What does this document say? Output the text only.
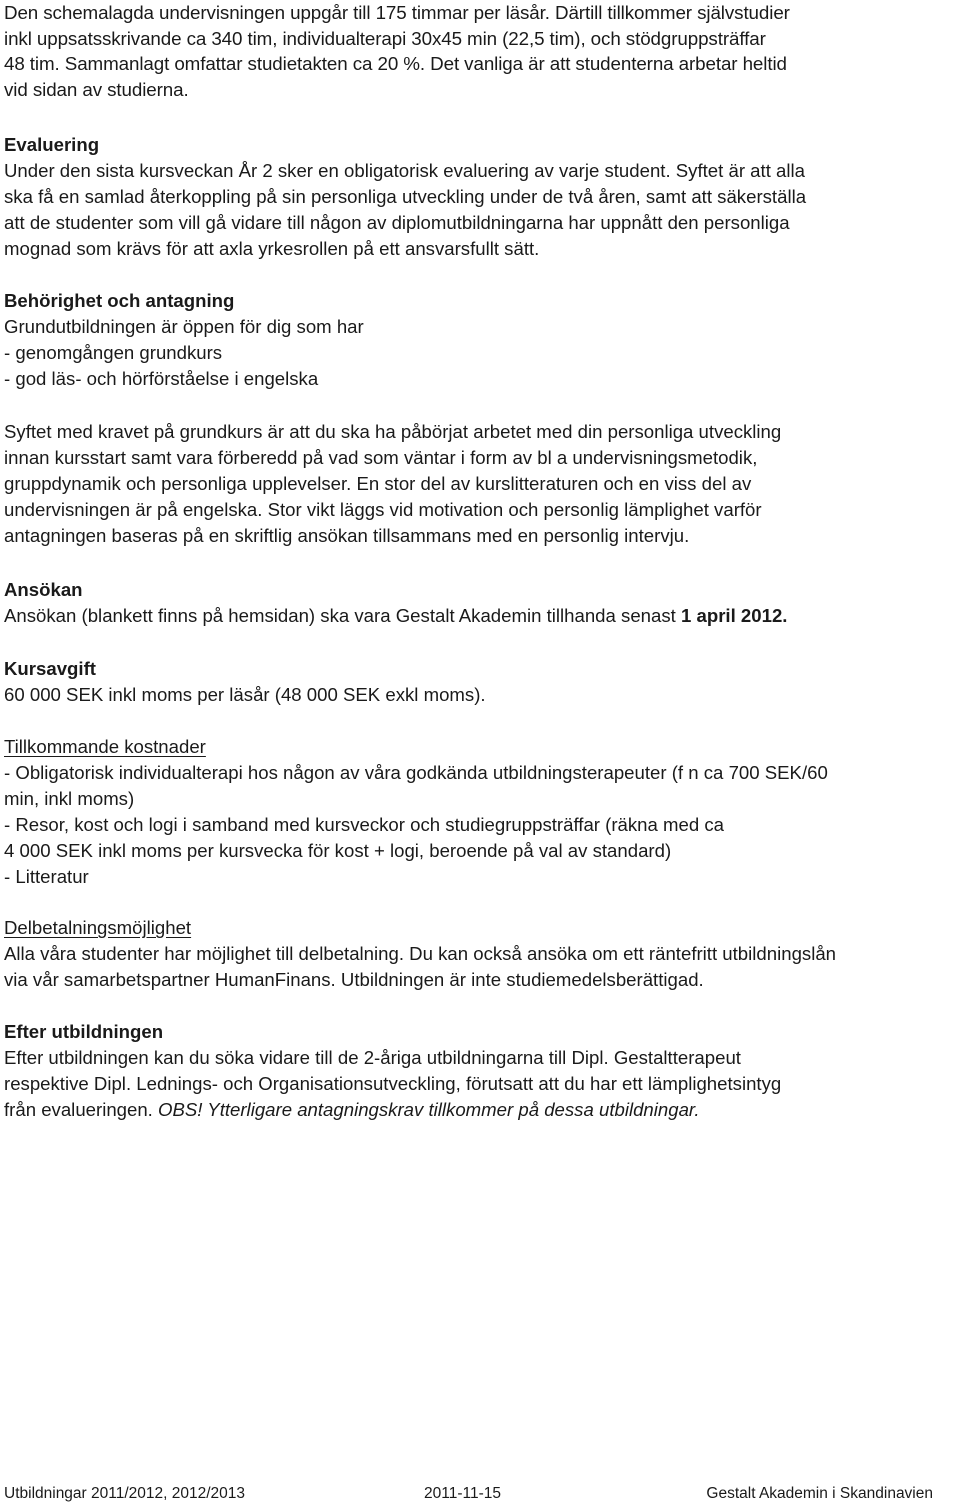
Den schemalagda undervisningen uppgår till 175 timmar per läsår. Därtill tillkommer självstudier
inkl uppsatsskrivande ca 340 tim, individualterapi 30x45 min (22,5 tim), och stödgruppsträffar
48 tim. Sammanlagt omfattar studietakten ca 20 %. Det vanliga är att studenterna arbetar heltid
vid sidan av studierna.
Evaluering
Under den sista kursveckan År 2 sker en obligatorisk evaluering av varje student. Syftet är att alla
ska få en samlad återkoppling på sin personliga utveckling under de två åren, samt att säkerställa
att de studenter som vill gå vidare till någon av diplomutbildningarna har uppnått den personliga
mognad som krävs för att axla yrkesrollen på ett ansvarsfullt sätt.
Behörighet och antagning
Grundutbildningen är öppen för dig som har
- genomgången grundkurs
- god läs- och hörförståelse i engelska
Syftet med kravet på grundkurs är att du ska ha påbörjat arbetet med din personliga utveckling
innan kursstart samt vara förberedd på vad som väntar i form av bl a undervisningsmetodik,
gruppdynamik och personliga upplevelser. En stor del av kurslitteraturen och en viss del av
undervisningen är på engelska. Stor vikt läggs vid motivation och personlig lämplighet varför
antagningen baseras på en skriftlig ansökan tillsammans med en personlig intervju.
Ansökan
Ansökan (blankett finns på hemsidan) ska vara Gestalt Akademin tillhanda senast 1 april 2012.
Kursavgift
60 000 SEK inkl moms per läsår (48 000 SEK exkl moms).
Tillkommande kostnader
- Obligatorisk individualterapi hos någon av våra godkända utbildningsterapeuter (f n ca 700 SEK/60
min, inkl moms)
- Resor, kost och logi i samband med kursveckor och studiegruppsträffar (räkna med ca
4 000 SEK inkl moms per kursvecka för kost + logi, beroende på val av standard)
- Litteratur
Delbetalningsmöjlighet
Alla våra studenter har möjlighet till delbetalning. Du kan också ansöka om ett räntefritt utbildningslån
via vår samarbetspartner HumanFinans. Utbildningen är inte studiemedelsberättigad.
Efter utbildningen
Efter utbildningen kan du söka vidare till de 2-åriga utbildningarna till Dipl. Gestaltterapeut
respektive Dipl. Lednings- och Organisationsutveckling, förutsatt att du har ett lämplighetsintyg
från evalueringen. OBS! Ytterligare antagningskrav tillkommer på dessa utbildningar.
Utbildningar 2011/2012, 2012/2013	2011-11-15	Gestalt Akademin i Skandinavien
